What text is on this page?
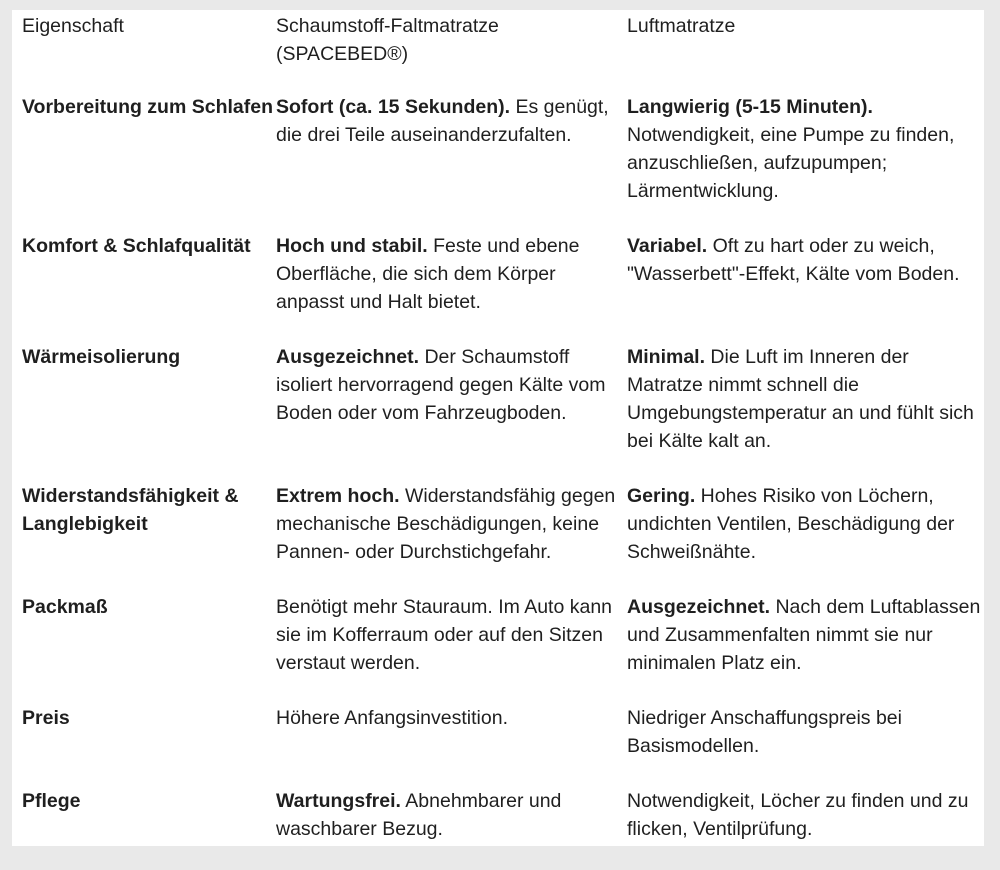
Eigenschaft	Schaumstoff-Faltmatratze (SPACEBED®)	Luftmatratze
Vorbereitung zum Schlafen	Sofort (ca. 15 Sekunden). Es genügt, die drei Teile auseinanderzufalten.	Langwierig (5-15 Minuten). Notwendigkeit, eine Pumpe zu finden, anzuschließen, aufzupumpen; Lärmentwicklung.
Komfort & Schlafqualität	Hoch und stabil. Feste und ebene Oberfläche, die sich dem Körper anpasst und Halt bietet.	Variabel. Oft zu hart oder zu weich, "Wasserbett"-Effekt, Kälte vom Boden.
Wärmeisolierung	Ausgezeichnet. Der Schaumstoff isoliert hervorragend gegen Kälte vom Boden oder vom Fahrzeugboden.	Minimal. Die Luft im Inneren der Matratze nimmt schnell die Umgebungstemperatur an und fühlt sich bei Kälte kalt an.
Widerstandsfähigkeit & Langlebigkeit	Extrem hoch. Widerstandsfähig gegen mechanische Beschädigungen, keine Pannen- oder Durchstichgefahr.	Gering. Hohes Risiko von Löchern, undichten Ventilen, Beschädigung der Schweißnähte.
Packmaß	Benötigt mehr Stauraum. Im Auto kann sie im Kofferraum oder auf den Sitzen verstaut werden.	Ausgezeichnet. Nach dem Luftablassen und Zusammenfalten nimmt sie nur minimalen Platz ein.
Preis	Höhere Anfangsinvestition.	Niedriger Anschaffungspreis bei Basismodellen.
Pflege	Wartungsfrei. Abnehmbarer und waschbarer Bezug.	Notwendigkeit, Löcher zu finden und zu flicken, Ventilprüfung.
